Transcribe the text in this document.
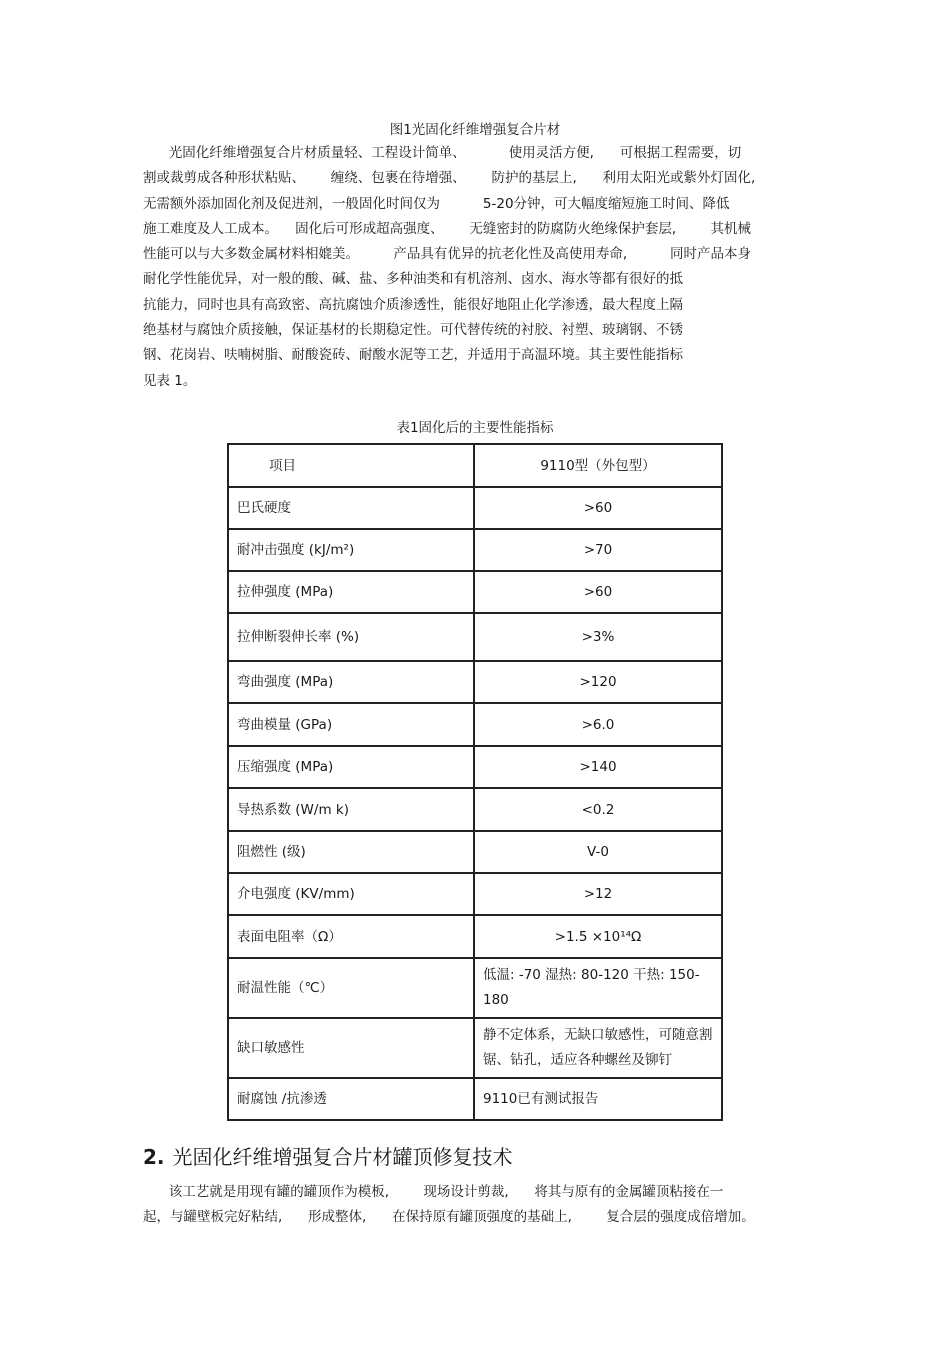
图1光固化纤维增强复合片材
光固化纤维增强复合片材质量轻、工程设计简单、          使用灵活方便,      可根据工程需要，切
割或裁剪成各种形状粘贴、      缠绕、包裹在待增强、      防护的基层上,      利用太阳光或紫外灯固化,
无需额外添加固化剂及促进剂，一般固化时间仅为          5-20分钟，可大幅度缩短施工时间、降低
施工难度及人工成本。    固化后可形成超高强度、      无缝密封的防腐防火绝缘保护套层,        其机械
性能可以与大多数金属材料相媲美。        产品具有优异的抗老化性及高使用寿命,          同时产品本身
耐化学性能优异，对一般的酸、碱、盐、多种油类和有机溶剂、卤水、海水等都有很好的抵
抗能力，同时也具有高致密、高抗腐蚀介质渗透性，能很好地阻止化学渗透，最大程度上隔
绝基材与腐蚀介质接触，保证基材的长期稳定性。可代替传统的衬胶、衬塑、玻璃钢、不锈
钢、花岗岩、呋喃树脂、耐酸瓷砖、耐酸水泥等工艺，并适用于高温环境。其主要性能指标
见表 1。
表1固化后的主要性能指标
项目	9110型（外包型）
巴氏硬度	>60
耐冲击强度 (kJ/m²)	>70
拉伸强度 (MPa)	>60
拉伸断裂伸长率 (%)	>3%
弯曲强度 (MPa)	>120
弯曲模量 (GPa)	>6.0
压缩强度 (MPa)	>140
导热系数 (W/m k)	<0.2
阻燃性 (级)	V-0
介电强度 (KV/mm)	>12
表面电阻率（Ω）	>1.5 ×10¹⁴Ω
耐温性能（℃）	低温: -70 湿热: 80-120 干热: 150-180

缺口敏感性	静不定体系，无缺口敏感性，可随意割锯、钻孔，适应各种螺丝及铆钉

耐腐蚀 /抗渗透	9110已有测试报告
2. 光固化纤维增强复合片材罐顶修复技术
该工艺就是用现有罐的罐顶作为模板,        现场设计剪裁,      将其与原有的金属罐顶粘接在一
起，与罐壁板完好粘结,      形成整体,      在保持原有罐顶强度的基础上,        复合层的强度成倍增加。
